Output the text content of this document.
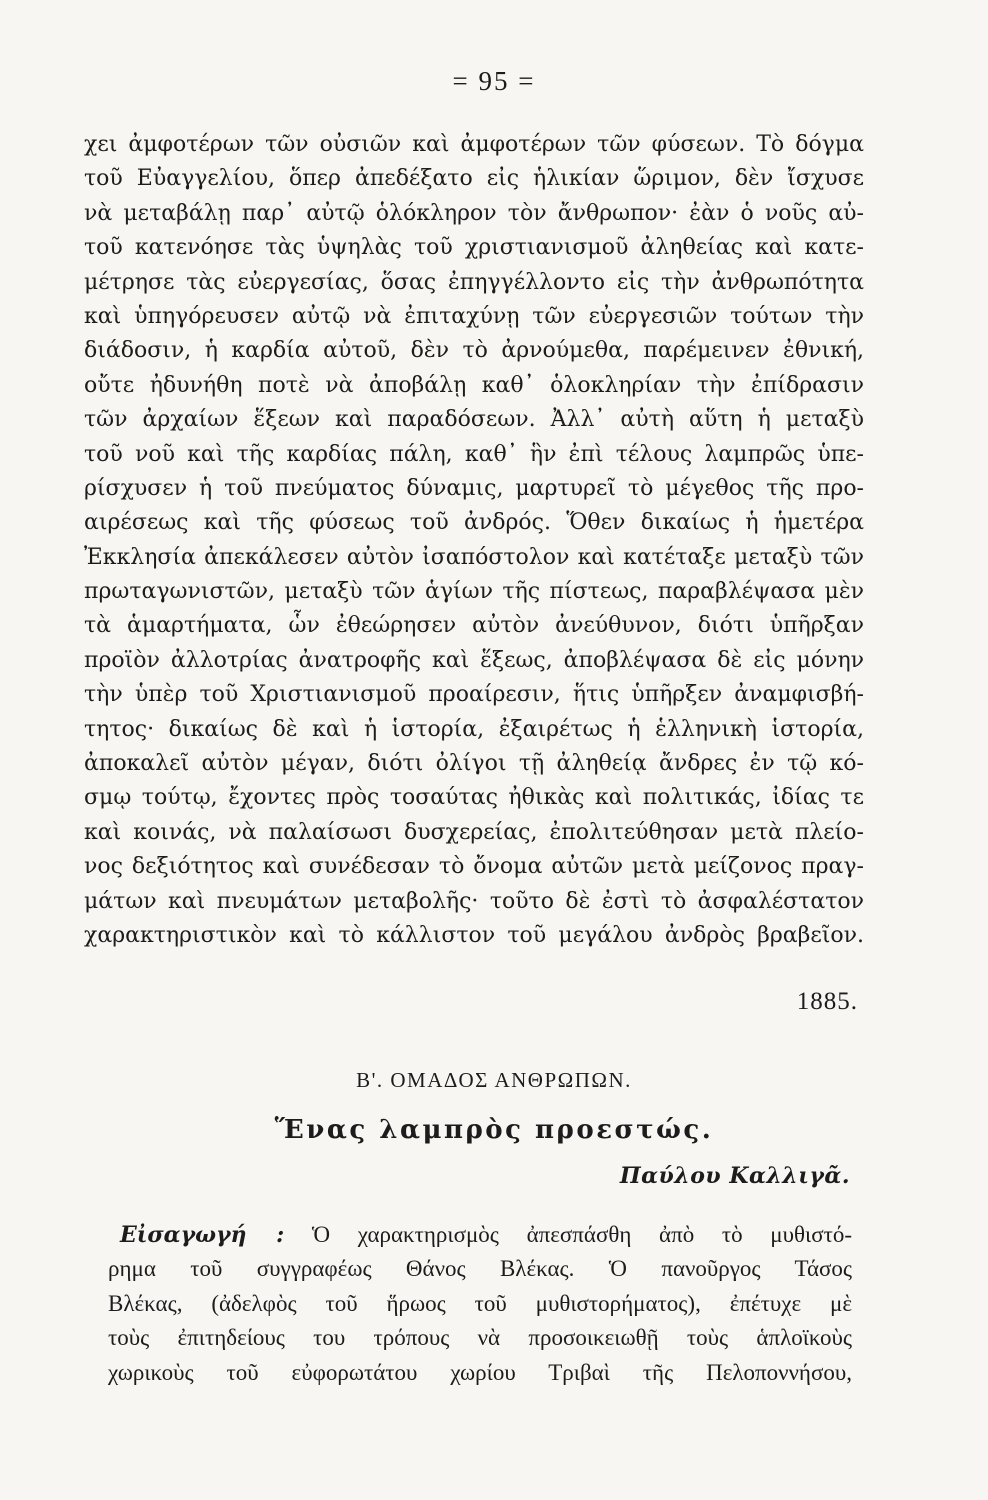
= 95 =
χει ἀμφοτέρων τῶν οὐσιῶν καὶ ἀμφοτέρων τῶν φύσεων. Τὸ δόγμα
τοῦ Εὐαγγελίου, ὅπερ ἀπεδέξατο εἰς ἡλικίαν ὥριμον, δὲν ἴσχυσε
νὰ μεταβάλῃ παρ᾽ αὐτῷ ὁλόκληρον τὸν ἄνθρωπον· ἐὰν ὁ νοῦς αὐ-
τοῦ κατενόησε τὰς ὑψηλὰς τοῦ χριστιανισμοῦ ἀληθείας καὶ κατε-
μέτρησε τὰς εὐεργεσίας, ὅσας ἐπηγγέλλοντο εἰς τὴν ἀνθρωπότητα
καὶ ὑπηγόρευσεν αὐτῷ νὰ ἐπιταχύνῃ τῶν εὐεργεσιῶν τούτων τὴν
διάδοσιν, ἡ καρδία αὐτοῦ, δὲν τὸ ἀρνούμεθα, παρέμεινεν ἐθνική,
οὔτε ἠδυνήθη ποτὲ νὰ ἀποβάλῃ καθ᾽ ὁλοκληρίαν τὴν ἐπίδρασιν
τῶν ἀρχαίων ἕξεων καὶ παραδόσεων. Ἀλλ᾽ αὐτὴ αὕτη ἡ μεταξὺ
τοῦ νοῦ καὶ τῆς καρδίας πάλη, καθ᾽ ἣν ἐπὶ τέλους λαμπρῶς ὑπε-
ρίσχυσεν ἡ τοῦ πνεύματος δύναμις, μαρτυρεῖ τὸ μέγεθος τῆς προ-
αιρέσεως καὶ τῆς φύσεως τοῦ ἀνδρός. Ὅθεν δικαίως ἡ ἡμετέρα
Ἐκκλησία ἀπεκάλεσεν αὐτὸν ἰσαπόστολον καὶ κατέταξε μεταξὺ τῶν
πρωταγωνιστῶν, μεταξὺ τῶν ἁγίων τῆς πίστεως, παραβλέψασα μὲν
τὰ ἁμαρτήματα, ὧν ἐθεώρησεν αὐτὸν ἀνεύθυνον, διότι ὑπῆρξαν
προϊὸν ἀλλοτρίας ἀνατροφῆς καὶ ἕξεως, ἀποβλέψασα δὲ εἰς μόνην
τὴν ὑπὲρ τοῦ Χριστιανισμοῦ προαίρεσιν, ἥτις ὑπῆρξεν ἀναμφισβή-
τητος· δικαίως δὲ καὶ ἡ ἱστορία, ἐξαιρέτως ἡ ἑλληνικὴ ἱστορία,
ἀποκαλεῖ αὐτὸν μέγαν, διότι ὀλίγοι τῇ ἀληθείᾳ ἄνδρες ἐν τῷ κό-
σμῳ τούτῳ, ἔχοντες πρὸς τοσαύτας ἠθικὰς καὶ πολιτικάς, ἰδίας τε
καὶ κοινάς, νὰ παλαίσωσι δυσχερείας, ἐπολιτεύθησαν μετὰ πλείο-
νος δεξιότητος καὶ συνέδεσαν τὸ ὄνομα αὐτῶν μετὰ μείζονος πραγ-
μάτων καὶ πνευμάτων μεταβολῆς· τοῦτο δὲ ἐστὶ τὸ ἀσφαλέστατον
χαρακτηριστικὸν καὶ τὸ κάλλιστον τοῦ μεγάλου ἀνδρὸς βραβεῖον.
1885.
Β'. ΟΜΑΔΟΣ ΑΝΘΡΩΠΩΝ.
Ἕνας λαμπρὸς προεστώς.
Παύλου Καλλιγᾶ.
Εἰσαγωγή : Ὁ χαρακτηρισμὸς ἀπεσπάσθη ἀπὸ τὸ μυθιστό-
ρημα τοῦ συγγραφέως Θάνος Βλέκας. Ὁ πανοῦργος Τάσος
Βλέκας, (ἀδελφὸς τοῦ ἥρωος τοῦ μυθιστορήματος), ἐπέτυχε μὲ
τοὺς ἐπιτηδείους του τρόπους νὰ προσοικειωθῇ τοὺς ἁπλοϊκοὺς
χωρικοὺς τοῦ εὐφορωτάτου χωρίου Τριβαὶ τῆς Πελοποννήσου,
